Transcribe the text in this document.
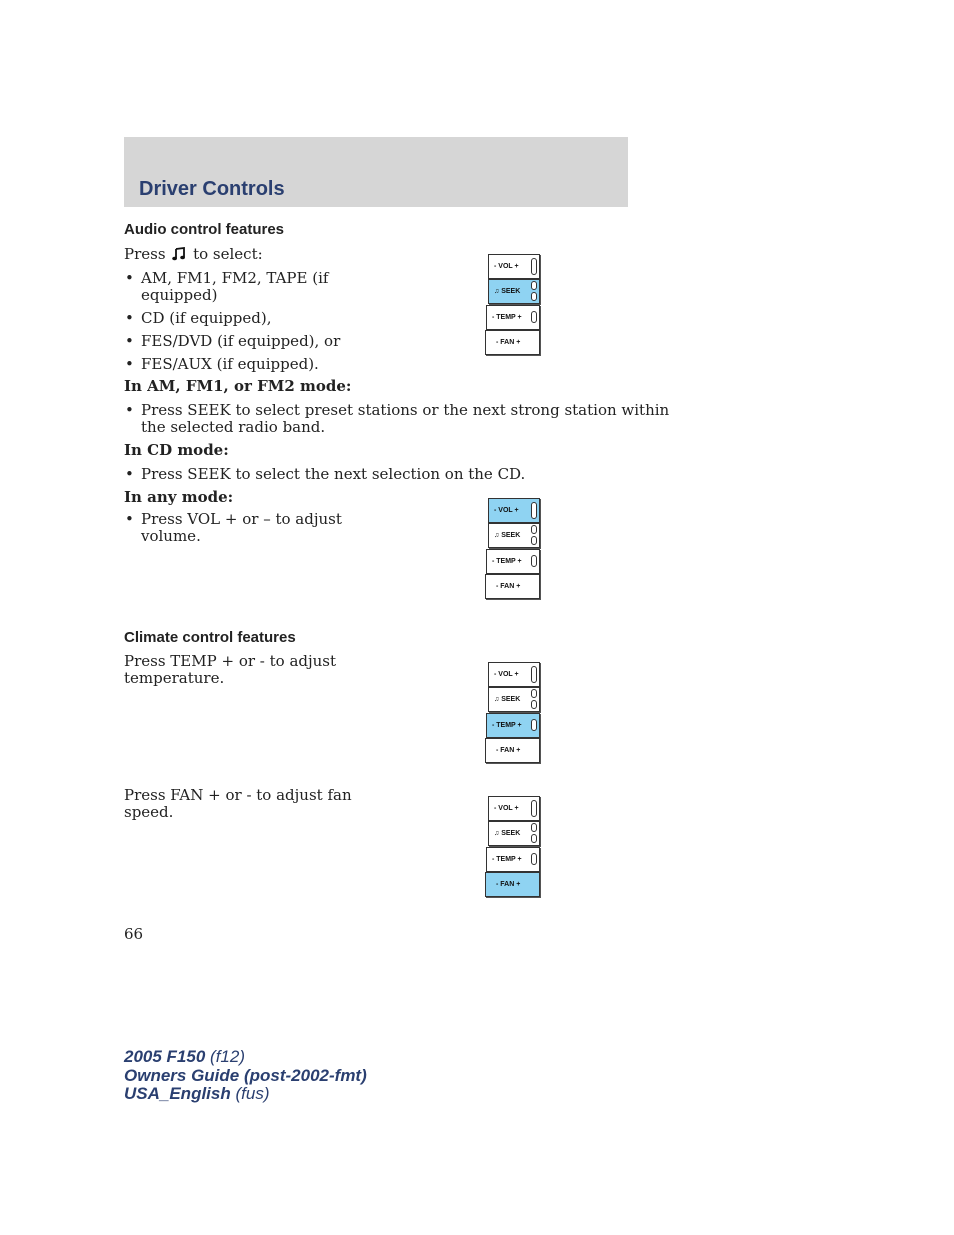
Driver Controls
Audio control features
Press to select:
• AM, FM1, FM2, TAPE (if
equipped)
• CD (if equipped),
• FES/DVD (if equipped), or
• FES/AUX (if equipped).
In AM, FM1, or FM2 mode:
• Press SEEK to select preset stations or the next strong station within
the selected radio band.
In CD mode:
• Press SEEK to select the next selection on the CD.
In any mode:
• Press VOL + or – to adjust
volume.
Climate control features
Press TEMP + or - to adjust
temperature.
Press FAN + or - to adjust fan
speed.
- VOL +
♫ SEEK
- TEMP +
- FAN +
- VOL +
♫ SEEK
- TEMP +
- FAN +
- VOL +
♫ SEEK
- TEMP +
- FAN +
- VOL +
♫ SEEK
- TEMP +
- FAN +
66
2005 F150 (f12)
Owners Guide (post-2002-fmt)
USA_English (fus)
